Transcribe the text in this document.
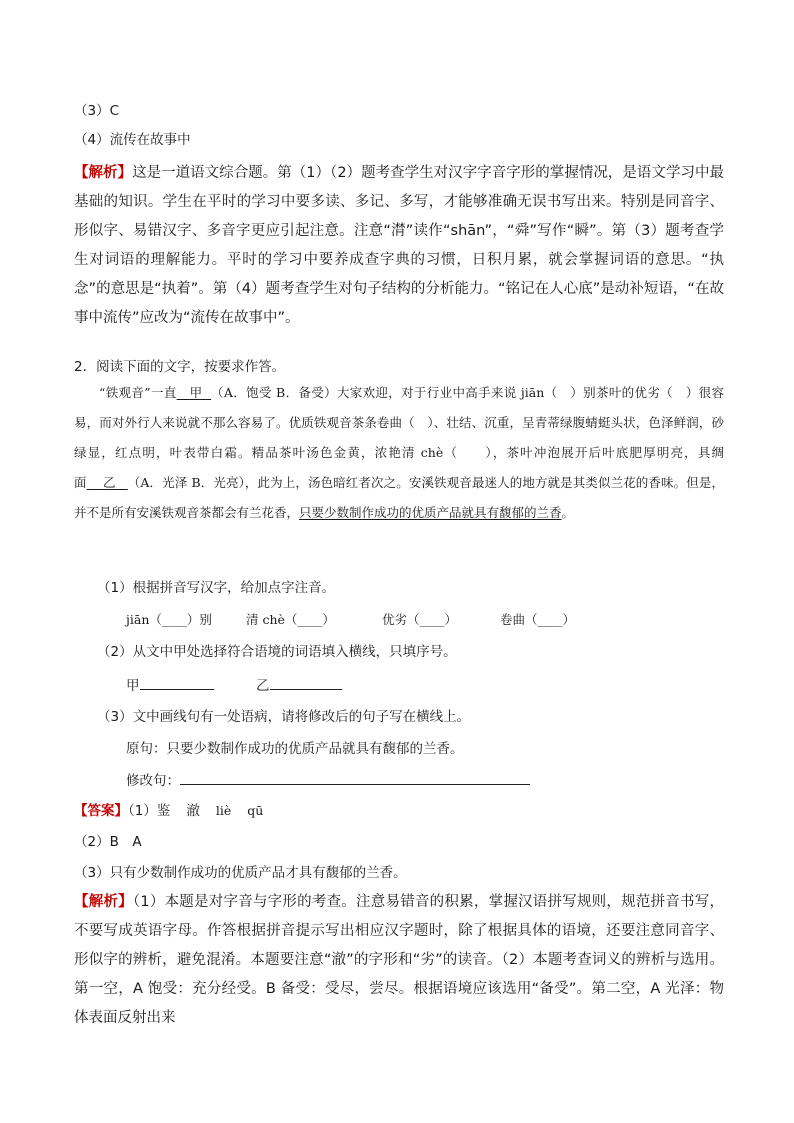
（3）C
（4）流传在故事中
【解析】这是一道语文综合题。第（1）（2）题考查学生对汉字字音字形的掌握情况，是语文学习中最基础的知识。学生在平时的学习中要多读、多记、多写，才能够准确无误书写出来。特别是同音字、形似字、易错汉字、多音字更应引起注意。注意“潸”读作“shān”，“舜”写作“瞬”。第（3）题考查学生对词语的理解能力。平时的学习中要养成查字典的习惯，日积月累，就会掌握词语的意思。“执念”的意思是“执着”。第（4）题考查学生对句子结构的分析能力。“铭记在人心底”是动补短语，“在故事中流传”应改为“流传在故事中”。
2．阅读下面的文字，按要求作答。
“铁观音”一直 甲 （A．饱受 B．备受）大家欢迎，对于行业中高手来说 jiān（　）别茶叶的优劣（　）很容易，而对外行人来说就不那么容易了。优质铁观音茶条卷曲（　）、壮结、沉重，呈青蒂绿腹蜻蜓头状，色泽鲜润，砂绿显，红点明，叶表带白霜。精品茶叶汤色金黄，浓艳清 chè（　　），茶叶冲泡展开后叶底肥厚明亮，具绸面 乙 （A．光泽 B．光亮），此为上，汤色暗红者次之。安溪铁观音最迷人的地方就是其类似兰花的香味。但是，并不是所有安溪铁观音茶都会有兰花香，只要少数制作成功的优质产品就具有馥郁的兰香。
（1）根据拼音写汉字，给加点字注音。
jiān（____）别	清 chè（____）	优劣（____）	卷曲（____）
（2）从文中甲处选择符合语境的词语填入横线，只填序号。
甲	乙
（3）文中画线句有一处语病，请将修改后的句子写在横线上。
原句：只要少数制作成功的优质产品就具有馥郁的兰香。
修改句：
【答案】（1）鉴 澈 liè qū
（2）B　A
（3）只有少数制作成功的优质产品才具有馥郁的兰香。
【解析】（1）本题是对字音与字形的考查。注意易错音的积累，掌握汉语拼写规则，规范拼音书写，不要写成英语字母。作答根据拼音提示写出相应汉字题时，除了根据具体的语境，还要注意同音字、形似字的辨析，避免混淆。本题要注意“澈”的字形和“劣”的读音。（2）本题考查词义的辨析与选用。第一空，A 饱受：充分经受。B 备受：受尽，尝尽。根据语境应该选用“备受”。第二空，A 光泽：物体表面反射出来
